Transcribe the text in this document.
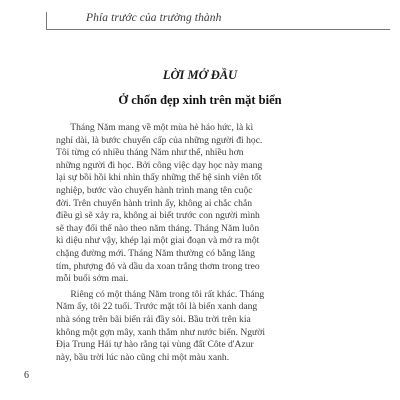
Phía trước của trường thành
LỜI MỞ ĐẦU
Ở chốn đẹp xinh trên mặt biển
Tháng Năm mang về một mùa hè háo hức, là kì
nghỉ dài, là bước chuyển cấp của những người đi học.
Tôi từng có nhiều tháng Năm như thế, nhiều hơn
những người đi học. Bởi công việc dạy học này mang
lại sự bồi hồi khi nhìn thấy những thế hệ sinh viên tốt
nghiệp, bước vào chuyến hành trình mang tên cuộc
đời. Trên chuyến hành trình ấy, không ai chắc chắn
điều gì sẽ xảy ra, không ai biết trước con người mình
sẽ thay đổi thế nào theo năm tháng. Tháng Năm luôn
kì diệu như vậy, khép lại một giai đoạn và mở ra một
chặng đường mới. Tháng Năm thường có bằng lăng
tím, phượng đỏ và dầu da xoan trắng thơm trong treo
mỗi buổi sớm mai.
Riêng có một tháng Năm trong tôi rất khác. Tháng
Năm ấy, tôi 22 tuổi. Trước mặt tôi là biển xanh dang
nhà sóng trên bãi biển rải đầy sỏi. Bầu trời trên kia
không một gợn mây, xanh thẳm như nước biển. Người
Địa Trung Hải tự hào rằng tại vùng đất Côte d'Azur
này, bầu trời lúc nào cũng chỉ một màu xanh.
6
